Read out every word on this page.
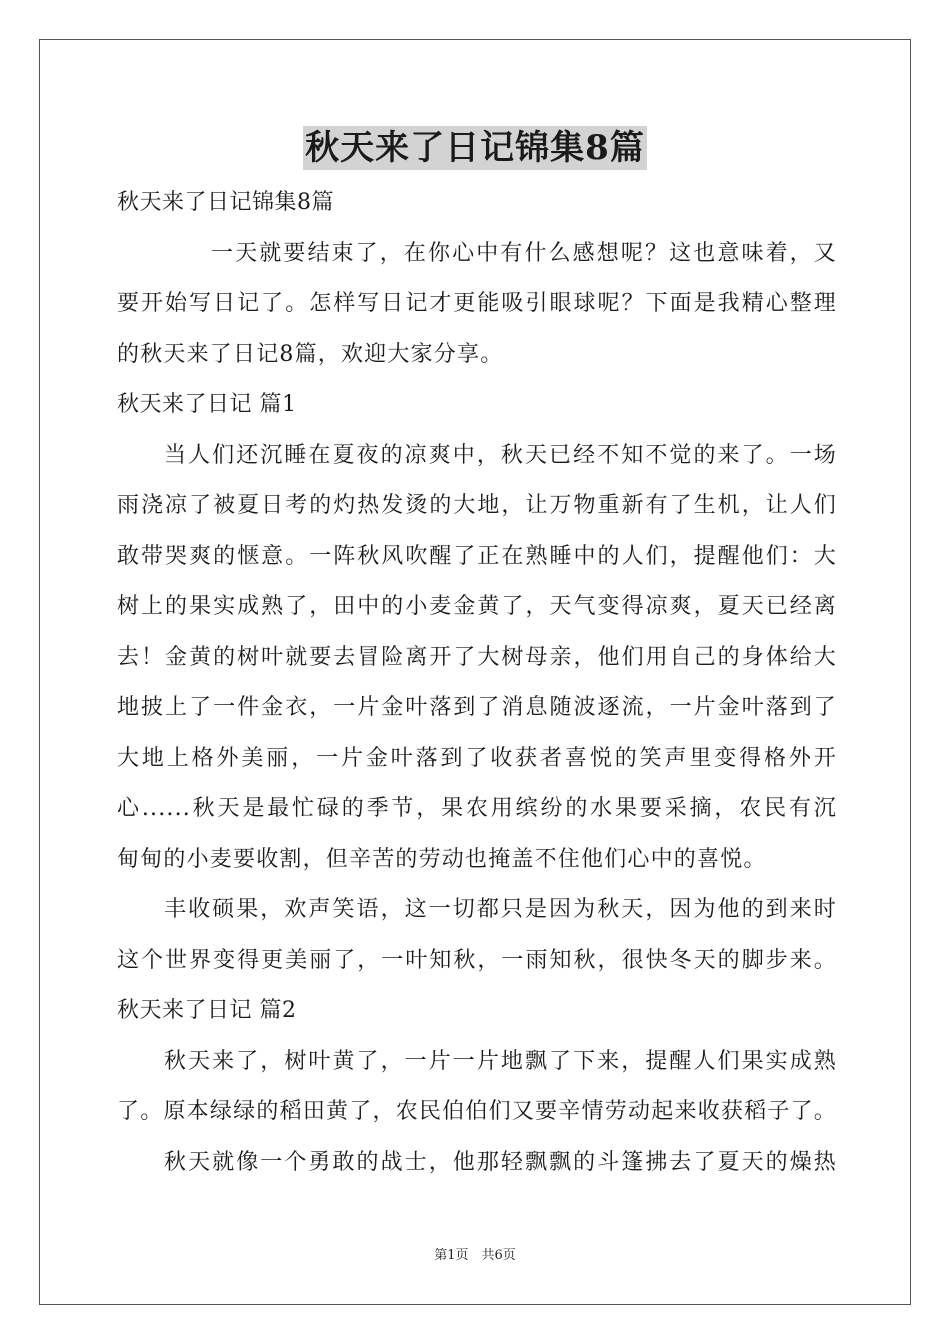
秋天来了日记锦集8篇
秋天来了日记锦集8篇
一天就要结束了，在你心中有什么感想呢？这也意味着，又
要开始写日记了。怎样写日记才更能吸引眼球呢？下面是我精心整理
的秋天来了日记8篇，欢迎大家分享。
秋天来了日记 篇1
当人们还沉睡在夏夜的凉爽中，秋天已经不知不觉的来了。一场
雨浇凉了被夏日考的灼热发烫的大地，让万物重新有了生机，让人们
敢带哭爽的惬意。一阵秋风吹醒了正在熟睡中的人们，提醒他们：大
树上的果实成熟了，田中的小麦金黄了，天气变得凉爽，夏天已经离
去！金黄的树叶就要去冒险离开了大树母亲，他们用自己的身体给大
地披上了一件金衣，一片金叶落到了消息随波逐流，一片金叶落到了
大地上格外美丽，一片金叶落到了收获者喜悦的笑声里变得格外开
心......秋天是最忙碌的季节，果农用缤纷的水果要采摘，农民有沉
甸甸的小麦要收割，但辛苦的劳动也掩盖不住他们心中的喜悦。
丰收硕果，欢声笑语，这一切都只是因为秋天，因为他的到来时
这个世界变得更美丽了，一叶知秋，一雨知秋，很快冬天的脚步来。
秋天来了日记 篇2
秋天来了，树叶黄了，一片一片地飘了下来，提醒人们果实成熟
了。原本绿绿的稻田黄了，农民伯伯们又要辛情劳动起来收获稻子了。
秋天就像一个勇敢的战士，他那轻飘飘的斗篷拂去了夏天的燥热
第1页　共6页
